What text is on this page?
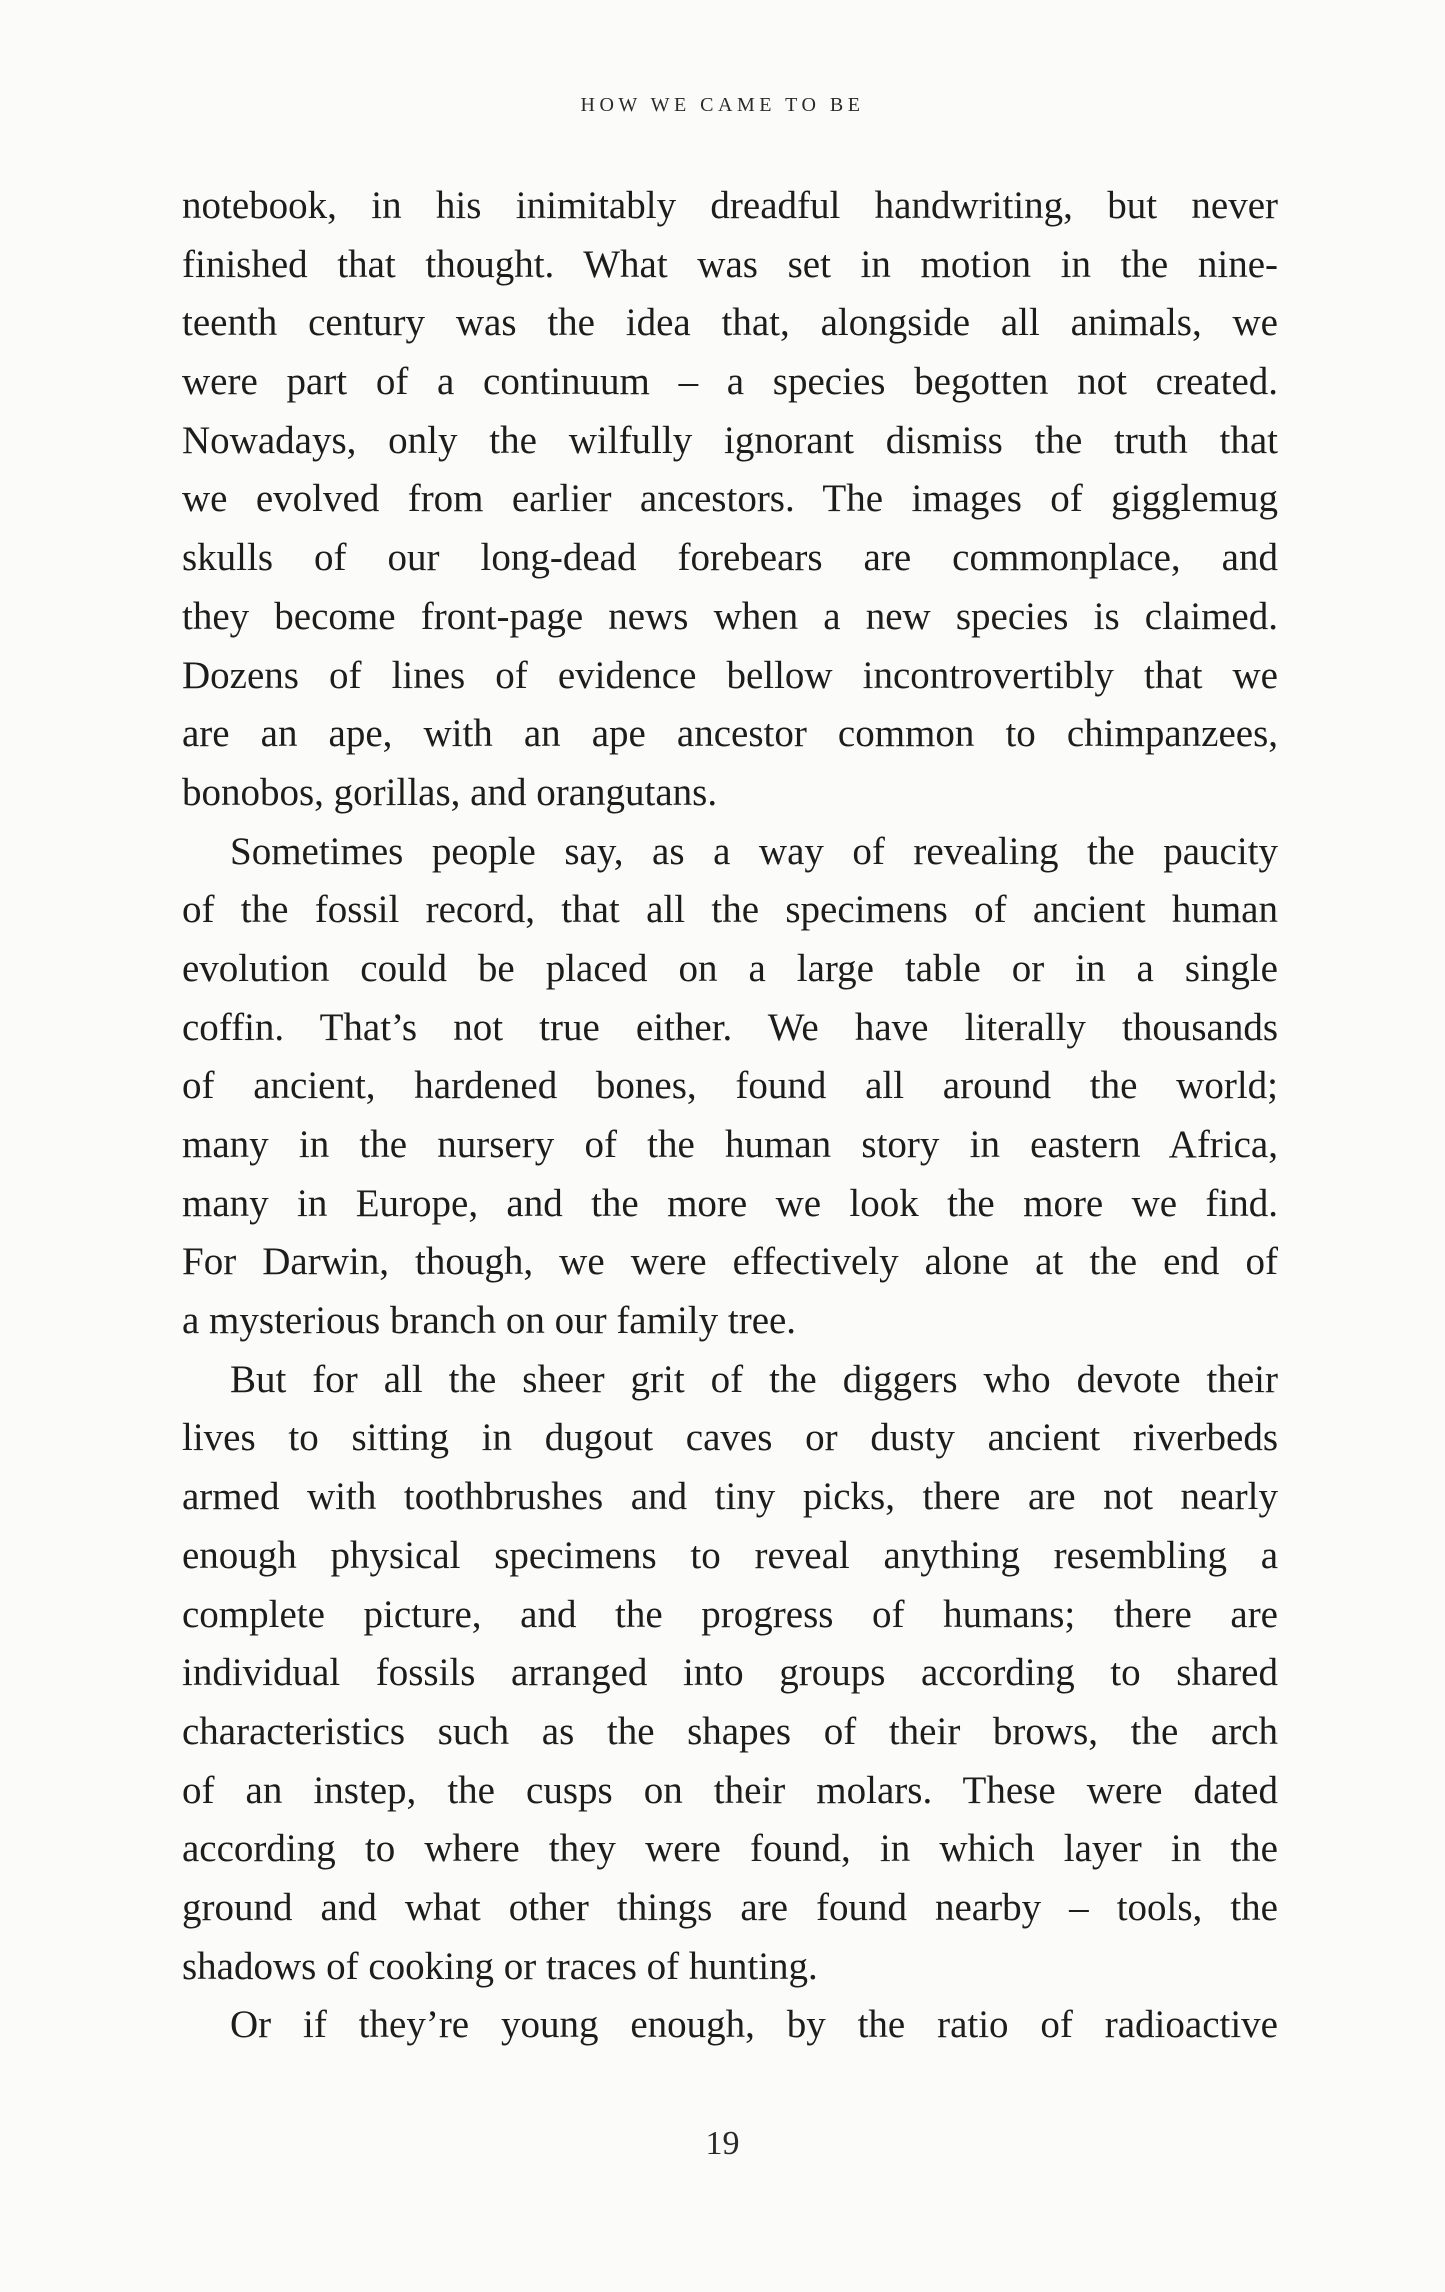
HOW WE CAME TO BE
notebook, in his inimitably dreadful handwriting, but never
finished that thought. What was set in motion in the nine-
teenth century was the idea that, alongside all animals, we
were part of a continuum – a species begotten not created.
Nowadays, only the wilfully ignorant dismiss the truth that
we evolved from earlier ancestors. The images of gigglemug
skulls of our long-dead forebears are commonplace, and
they become front-page news when a new species is claimed.
Dozens of lines of evidence bellow incontrovertibly that we
are an ape, with an ape ancestor common to chimpanzees,
bonobos, gorillas, and orangutans.
Sometimes people say, as a way of revealing the paucity
of the fossil record, that all the specimens of ancient human
evolution could be placed on a large table or in a single
coffin. That’s not true either. We have literally thousands
of ancient, hardened bones, found all around the world;
many in the nursery of the human story in eastern Africa,
many in Europe, and the more we look the more we find.
For Darwin, though, we were effectively alone at the end of
a mysterious branch on our family tree.
But for all the sheer grit of the diggers who devote their
lives to sitting in dugout caves or dusty ancient riverbeds
armed with toothbrushes and tiny picks, there are not nearly
enough physical specimens to reveal anything resembling a
complete picture, and the progress of humans; there are
individual fossils arranged into groups according to shared
characteristics such as the shapes of their brows, the arch
of an instep, the cusps on their molars. These were dated
according to where they were found, in which layer in the
ground and what other things are found nearby – tools, the
shadows of cooking or traces of hunting.
Or if they’re young enough, by the ratio of radioactive
19
